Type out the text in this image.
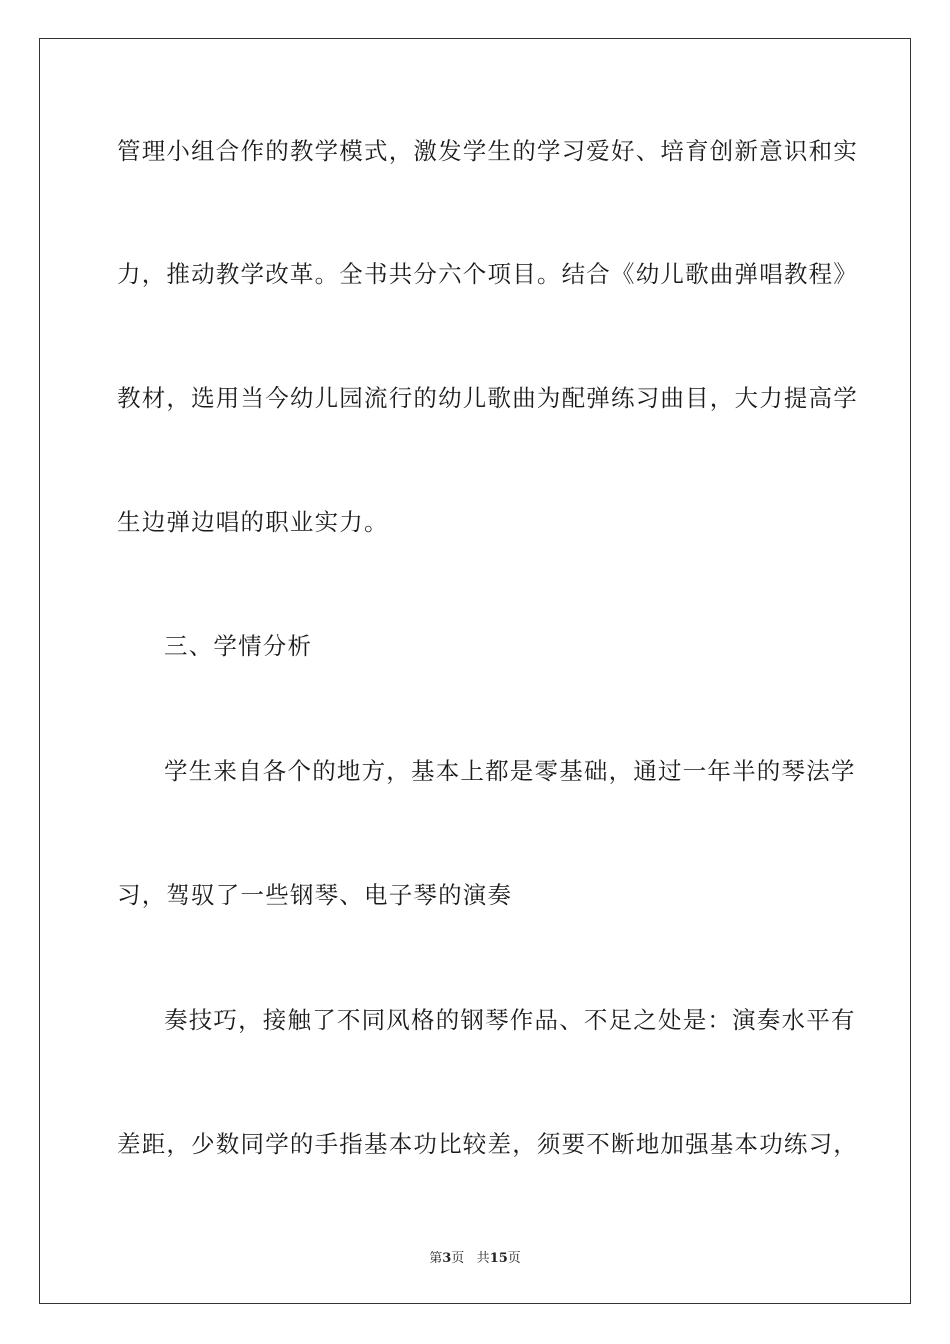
管理小组合作的教学模式，激发学生的学习爱好、培育创新意识和实
力，推动教学改革。全书共分六个项目。结合《幼儿歌曲弹唱教程》
教材，选用当今幼儿园流行的幼儿歌曲为配弹练习曲目，大力提高学
生边弹边唱的职业实力。
三、学情分析
学生来自各个的地方，基本上都是零基础，通过一年半的琴法学
习，驾驭了一些钢琴、电子琴的演奏
奏技巧，接触了不同风格的钢琴作品、不足之处是：演奏水平有
差距，少数同学的手指基本功比较差，须要不断地加强基本功练习，
第3页 共15页
